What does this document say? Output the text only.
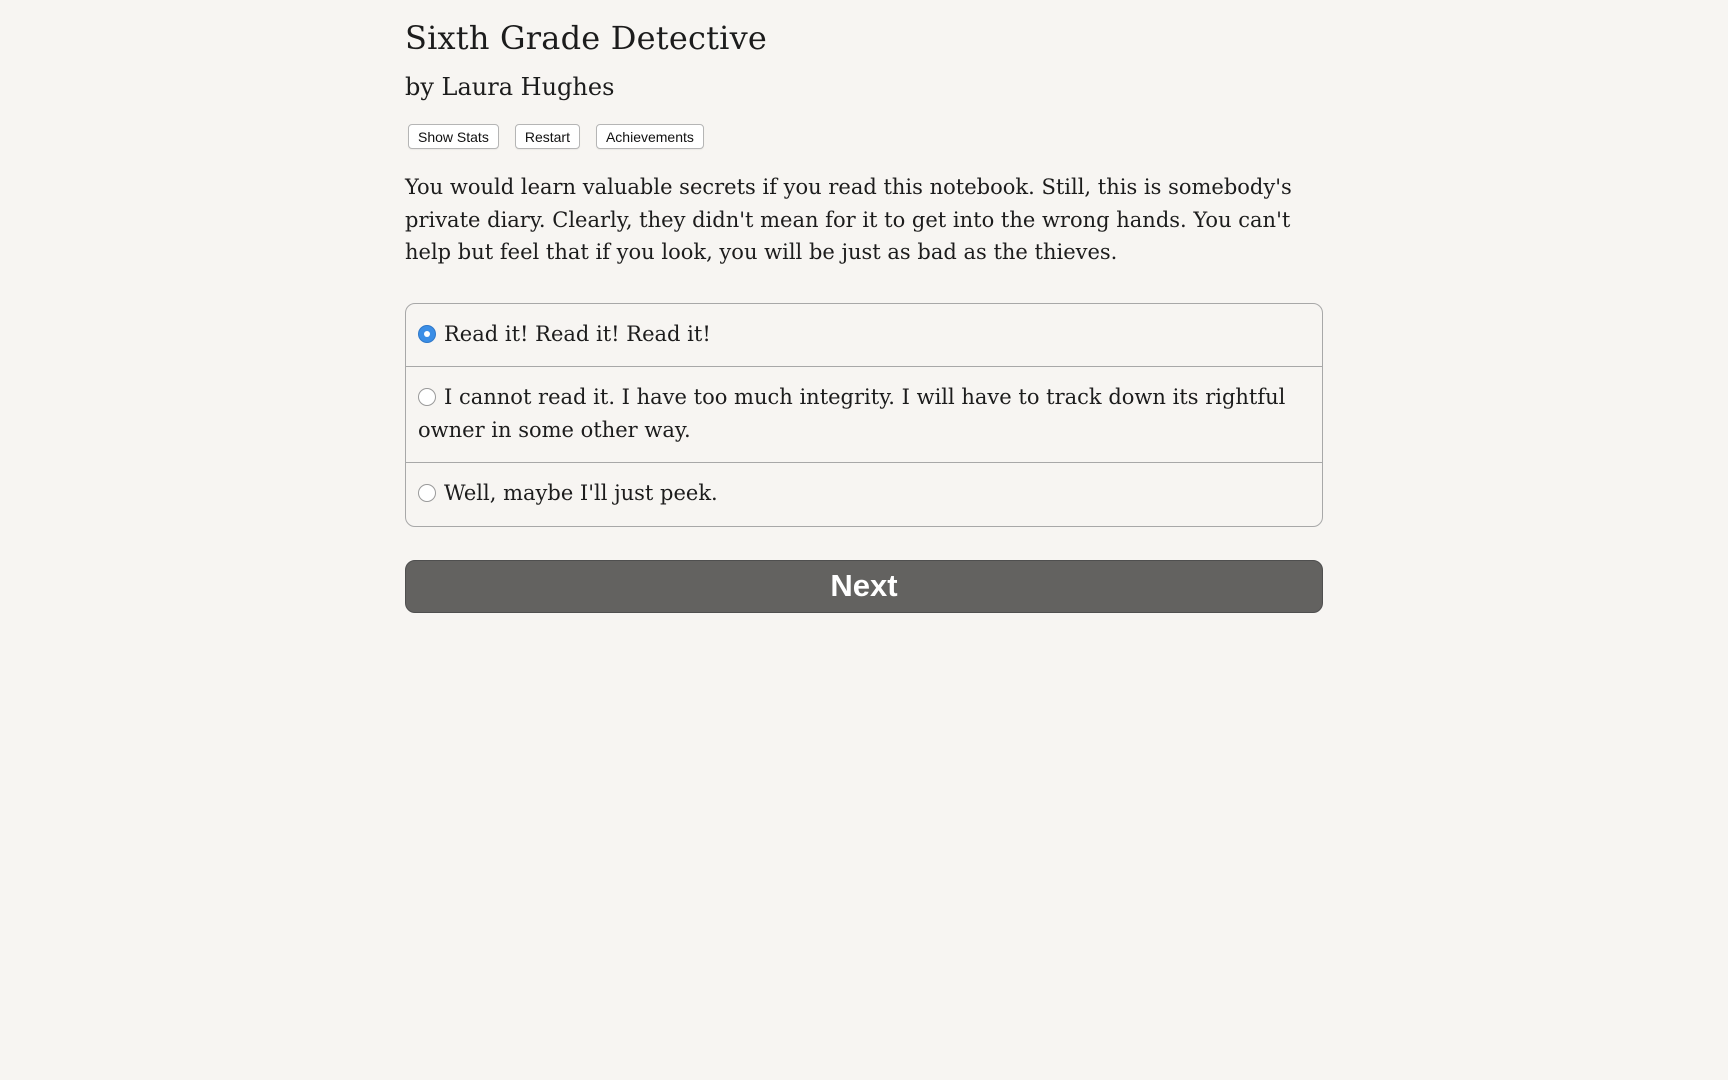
Sixth Grade Detective
by Laura Hughes
Show Stats	Restart	Achievements

You would learn valuable secrets if you read this notebook. Still, this is somebody's private diary. Clearly, they didn't mean for it to get into the wrong hands. You can't help but feel that if you look, you will be just as bad as the thieves.

Read it! Read it! Read it!
I cannot read it. I have too much integrity. I will have to track down its rightful owner in some other way.
Well, maybe I'll just peek.
Next
